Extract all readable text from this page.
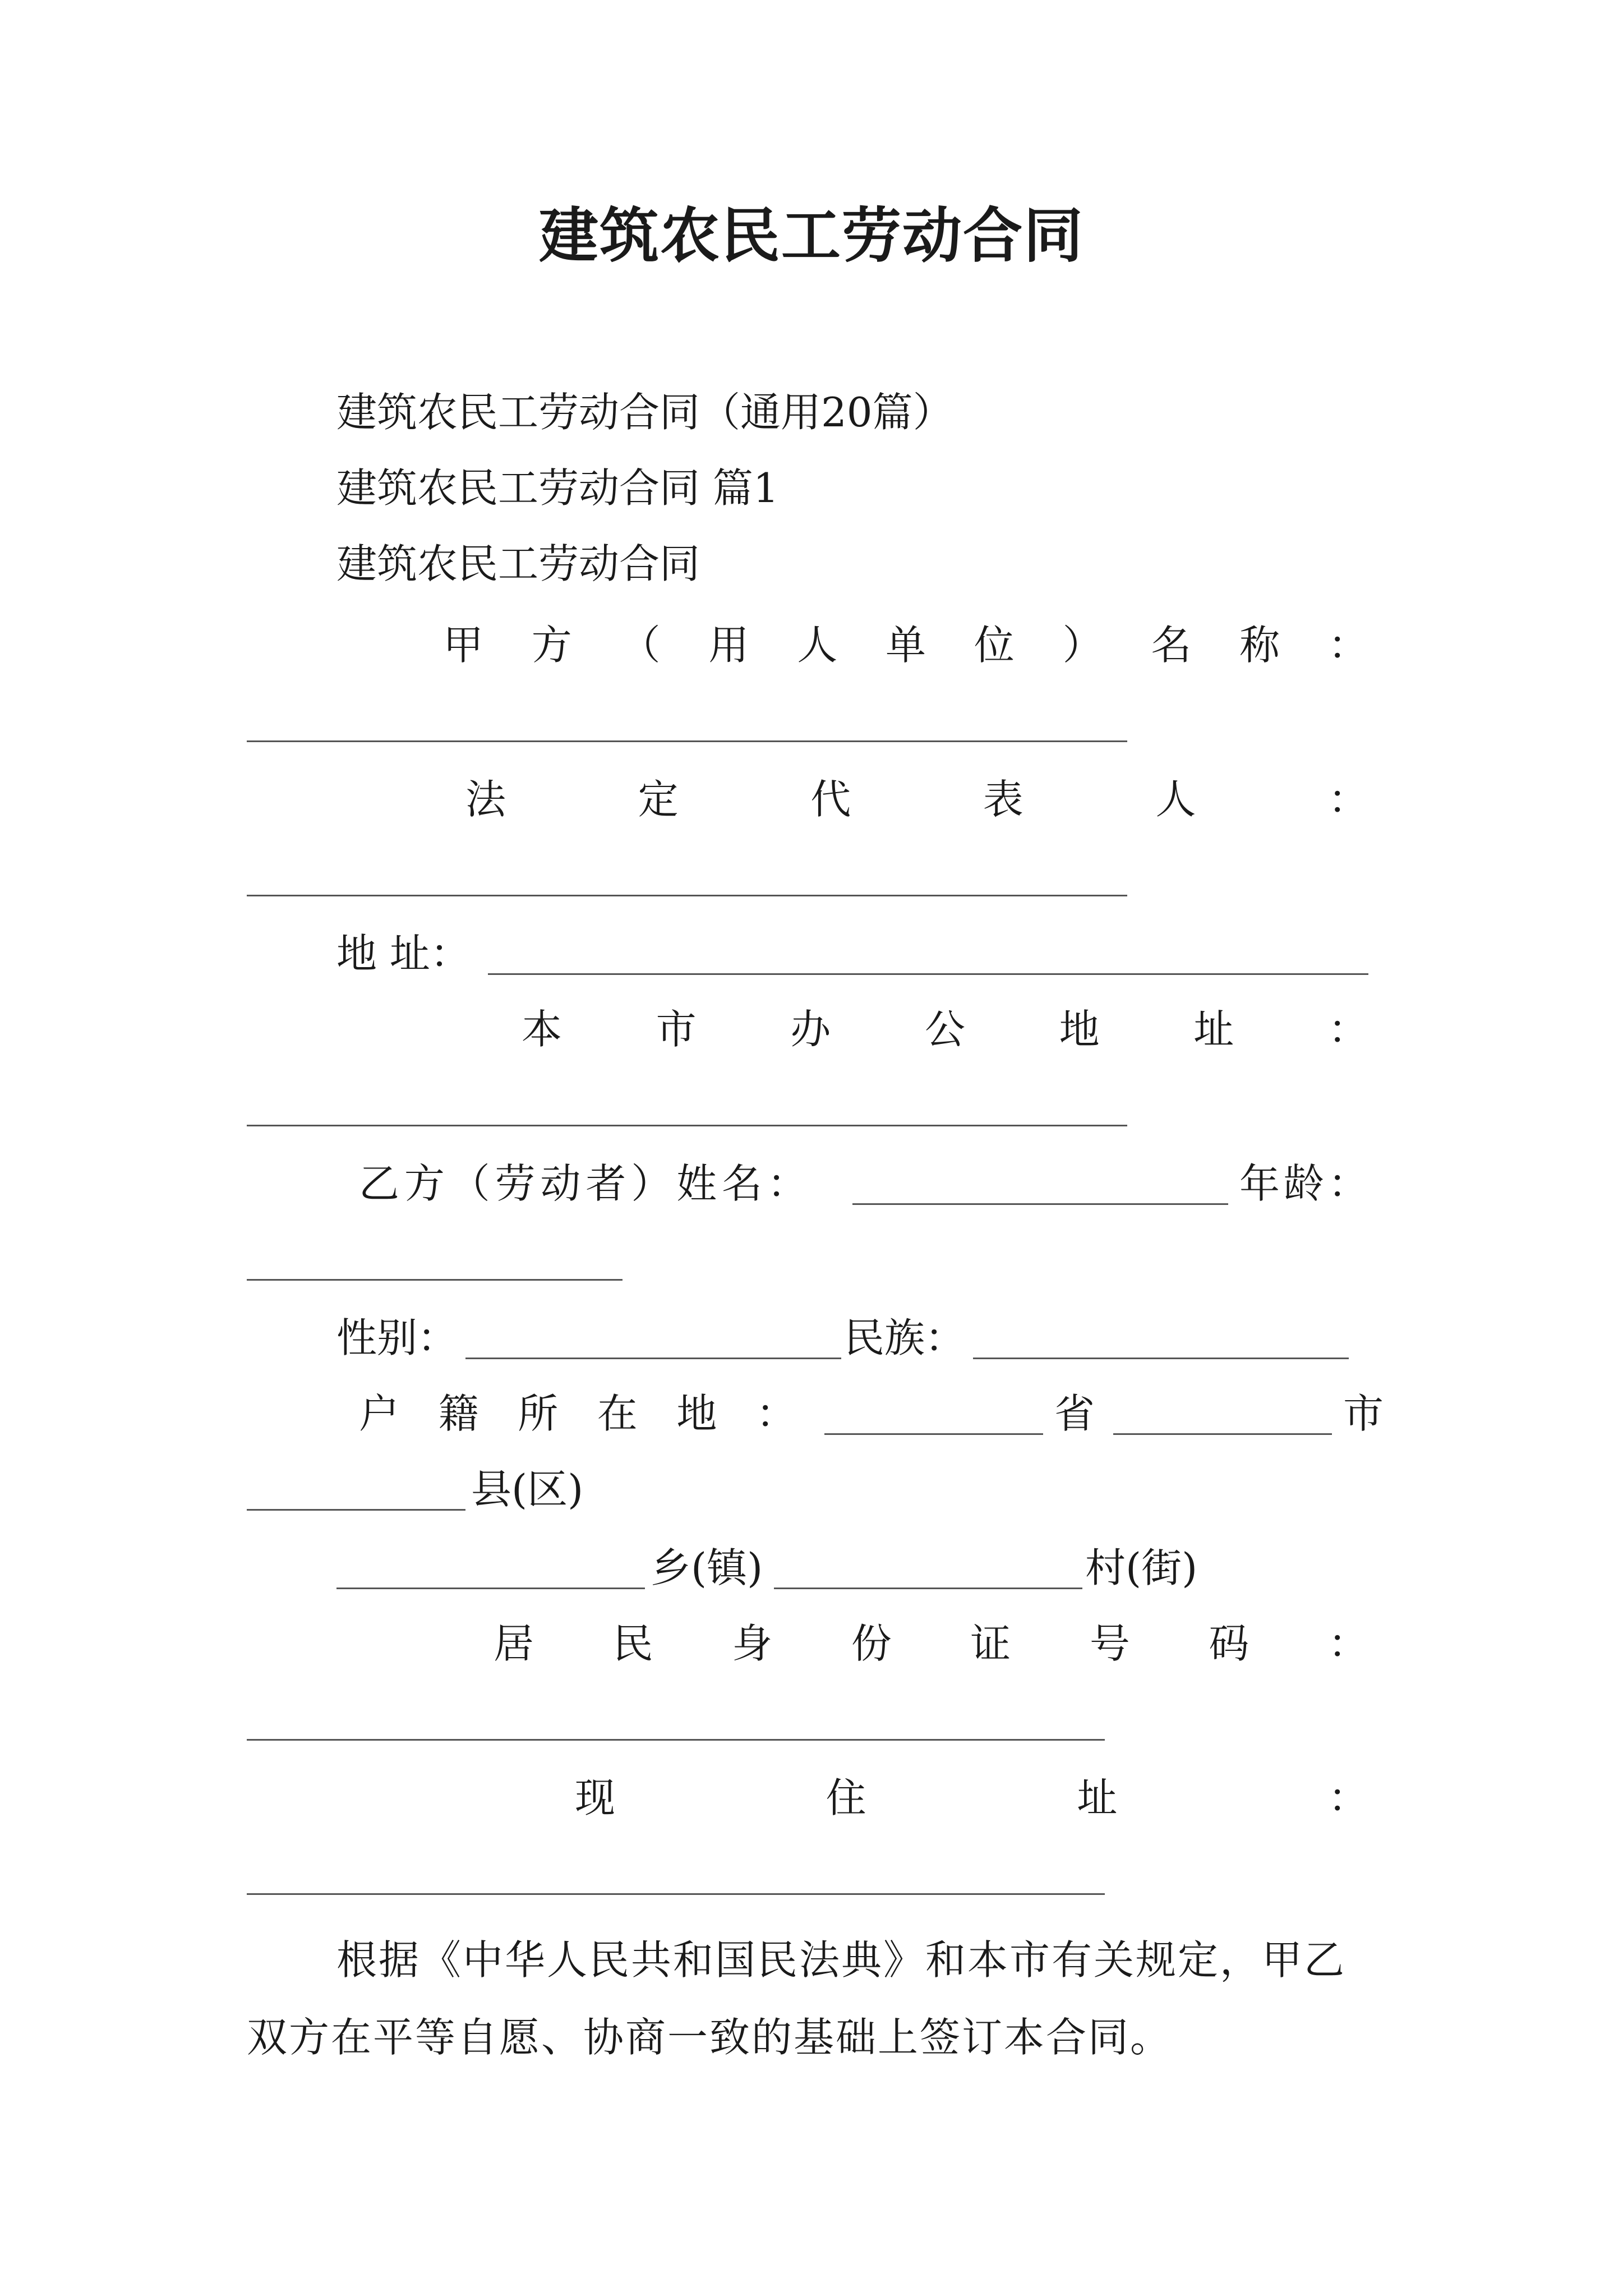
建筑农民工劳动合同
建筑农民工劳动合同（通用20篇）
建筑农民工劳动合同 篇1
建筑农民工劳动合同
甲 方 （ 用 人 单 位 ） 名 称 ：
法	定	代	表	人	：
地 址：
本 市 办 公 地 址 ：
乙 方 （ 劳 动 者 ） 姓 名 ：	年 龄 ：
性别：	民族：
户 籍 所 在 地 ：	省	市
县(区)
乡(镇)	村(街)
居 民 身 份 证 号 码 ：
现	住	址	：
根据《中华人民共和国民法典》和本市有关规定，甲乙双方在平等自愿、协商一致的基础上签订本合同。
